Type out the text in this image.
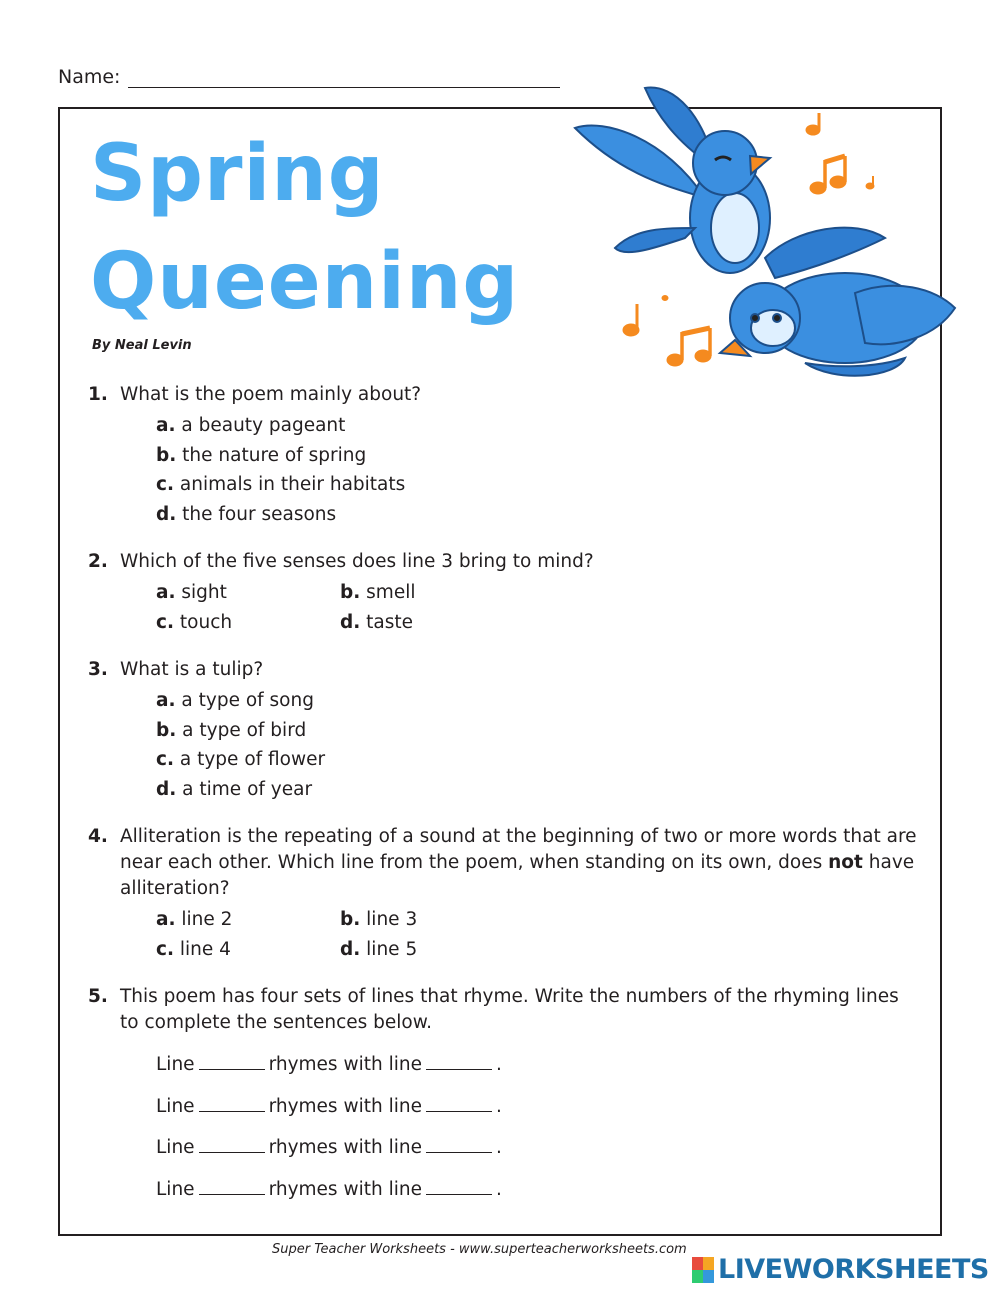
Name:
Spring
Queening
By Neal Levin
1. What is the poem mainly about?
a. a beauty pageant
b. the nature of spring
c. animals in their habitats
d. the four seasons
2. Which of the five senses does line 3 bring to mind?
a. sight	b. smell
c. touch	d. taste
3. What is a tulip?
a. a type of song
b. a type of bird
c. a type of flower
d. a time of year
4. Alliteration is the repeating of a sound at the beginning of two or more words that are near each other. Which line from the poem, when standing on its own, does not have alliteration?
a. line 2	b. line 3
c. line 4	d. line 5
5. This poem has four sets of lines that rhyme. Write the numbers of the rhyming lines to complete the sentences below.
Line	rhymes with line	.
Line	rhymes with line	.
Line	rhymes with line	.
Line	rhymes with line	.
Super Teacher Worksheets - www.superteacherworksheets.com
LIVEWORKSHEETS
